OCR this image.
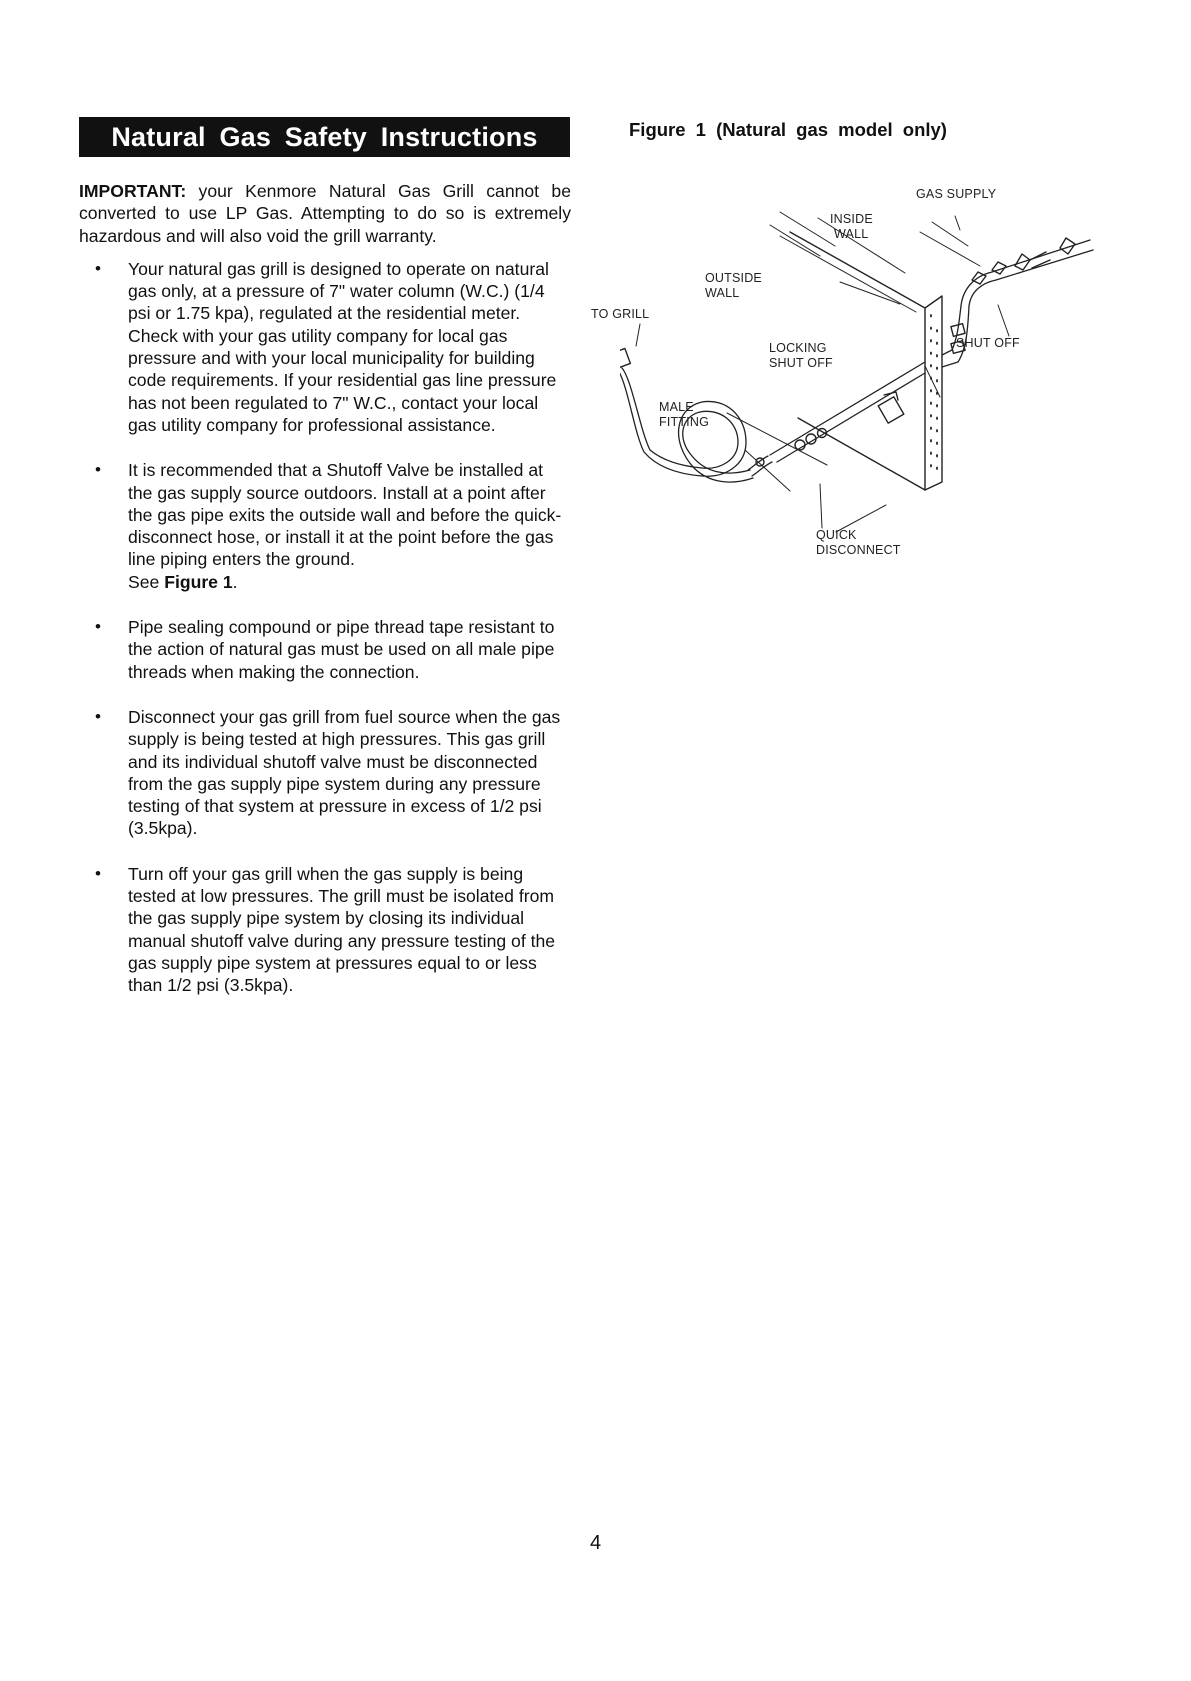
Natural Gas Safety Instructions	Figure 1 (Natural gas model only)

IMPORTANT: your Kenmore Natural Gas Grill cannot be converted to use LP Gas. Attempting to do so is extremely hazardous and will also void the grill warranty.

• Your natural gas grill is designed to operate on natural gas only, at a pressure of 7" water column (W.C.) (1/4 psi or 1.75 kpa), regulated at the residential meter. Check with your gas utility company for local gas pressure and with your local municipality for building code requirements. If your residential gas line pressure has not been regulated to 7" W.C., contact your local gas utility company for professional assistance.
• It is recommended that a Shutoff Valve be installed at the gas supply source outdoors. Install at a point after the gas pipe exits the outside wall and before the quick-disconnect hose, or install it at the point before the gas line piping enters the ground.
See Figure 1.
• Pipe sealing compound or pipe thread tape resistant to the action of natural gas must be used on all male pipe threads when making the connection.
• Disconnect your gas grill from fuel source when the gas supply is being tested at high pressures. This gas grill and its individual shutoff valve must be disconnected from the gas supply pipe system during any pressure testing of that system at pressure in excess of 1/2 psi (3.5kpa).
• Turn off your gas grill when the gas supply is being tested at low pressures. The grill must be isolated from the gas supply pipe system by closing its individual manual shutoff valve during any pressure testing of the gas supply pipe system at pressures equal to or less than 1/2 psi (3.5kpa).
GAS SUPPLY
INSIDE
WALL
OUTSIDE
WALL
TO GRILL
SHUT OFF
LOCKING
SHUT OFF
MALE
FITTING
QUICK
DISCONNECT
4
